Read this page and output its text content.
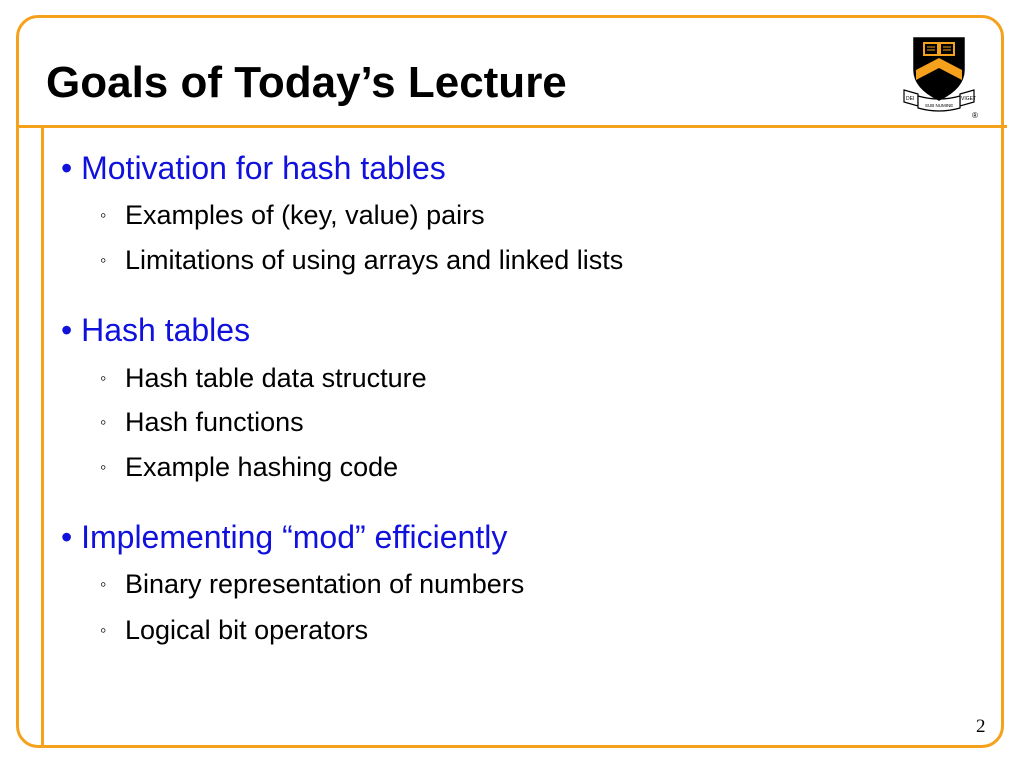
Goals of Today’s Lecture
®
DEI
SUB NUMINE
VIGET

• Motivation for hash tables

◦ Examples of (key, value) pairs

◦ Limitations of using arrays and linked lists

• Hash tables

◦ Hash table data structure

◦ Hash functions

◦ Example hashing code

• Implementing “mod” efficiently

◦ Binary representation of numbers

◦ Logical bit operators

2
